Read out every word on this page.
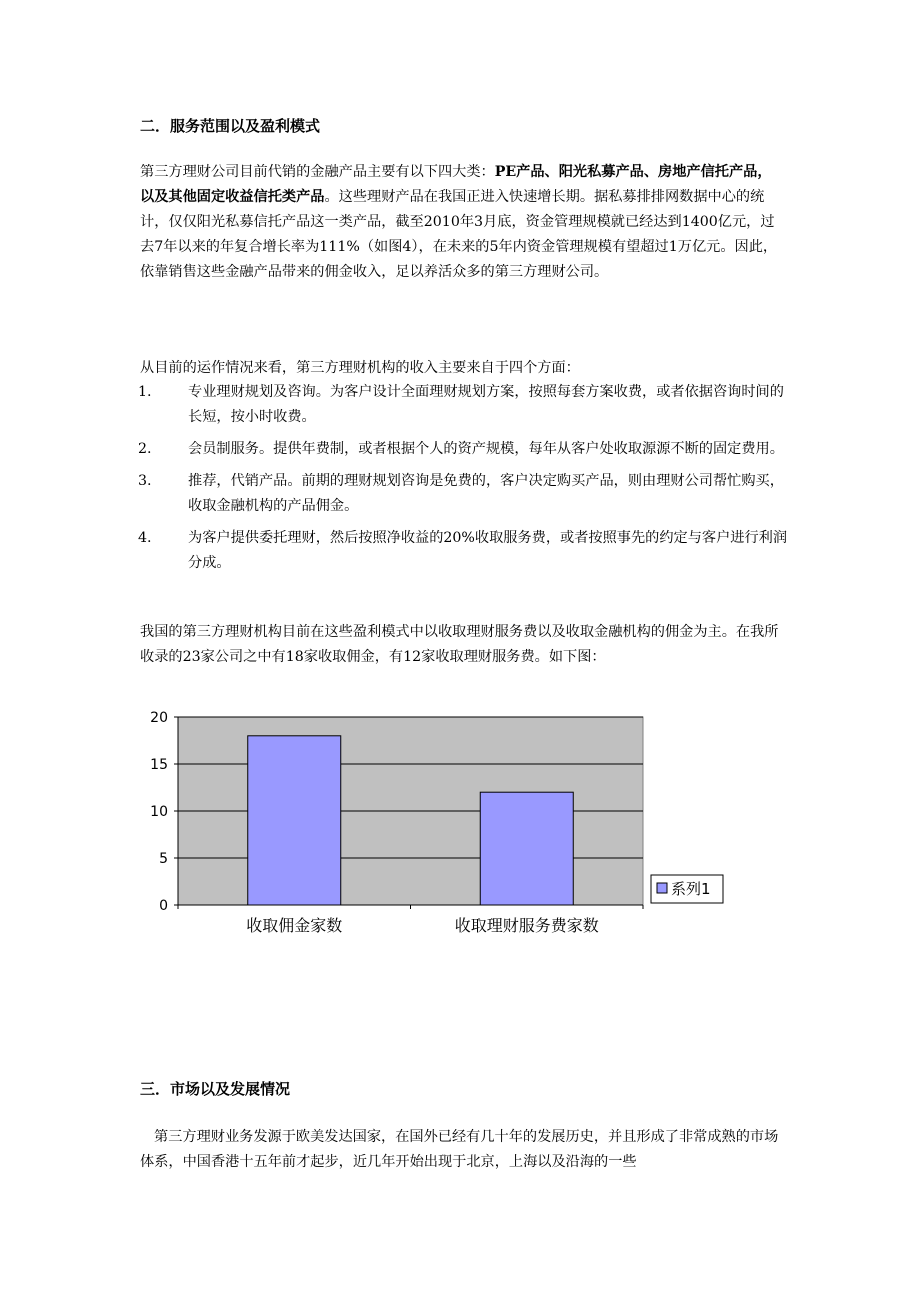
二．服务范围以及盈利模式

第三方理财公司目前代销的金融产品主要有以下四大类：PE产品、阳光私募产品、房地产信托产品，以及其他固定收益信托类产品。这些理财产品在我国正进入快速增长期。据私募排排网数据中心的统计，仅仅阳光私募信托产品这一类产品，截至2010年3月底，资金管理规模就已经达到1400亿元，过去7年以来的年复合增长率为111%（如图4），在未来的5年内资金管理规模有望超过1万亿元。因此，依靠销售这些金融产品带来的佣金收入，足以养活众多的第三方理财公司。

从目前的运作情况来看，第三方理财机构的收入主要来自于四个方面：

1.	专业理财规划及咨询。为客户设计全面理财规划方案，按照每套方案收费，或者依据咨询时间的长短，按小时收费。
2.	会员制服务。提供年费制，或者根据个人的资产规模，每年从客户处收取源源不断的固定费用。
3.	推荐，代销产品。前期的理财规划咨询是免费的，客户决定购买产品，则由理财公司帮忙购买，收取金融机构的产品佣金。
4.	为客户提供委托理财，然后按照净收益的20%收取服务费，或者按照事先的约定与客户进行利润分成。

我国的第三方理财机构目前在这些盈利模式中以收取理财服务费以及收取金融机构的佣金为主。在我所收录的23家公司之中有18家收取佣金，有12家收取理财服务费。如下图：

0
5
10
15
20
收取佣金家数	收取理财服务费家数
系列1
三．市场以及发展情况

第三方理财业务发源于欧美发达国家，在国外已经有几十年的发展历史，并且形成了非常成熟的市场体系，中国香港十五年前才起步，近几年开始出现于北京，上海以及沿海的一些
